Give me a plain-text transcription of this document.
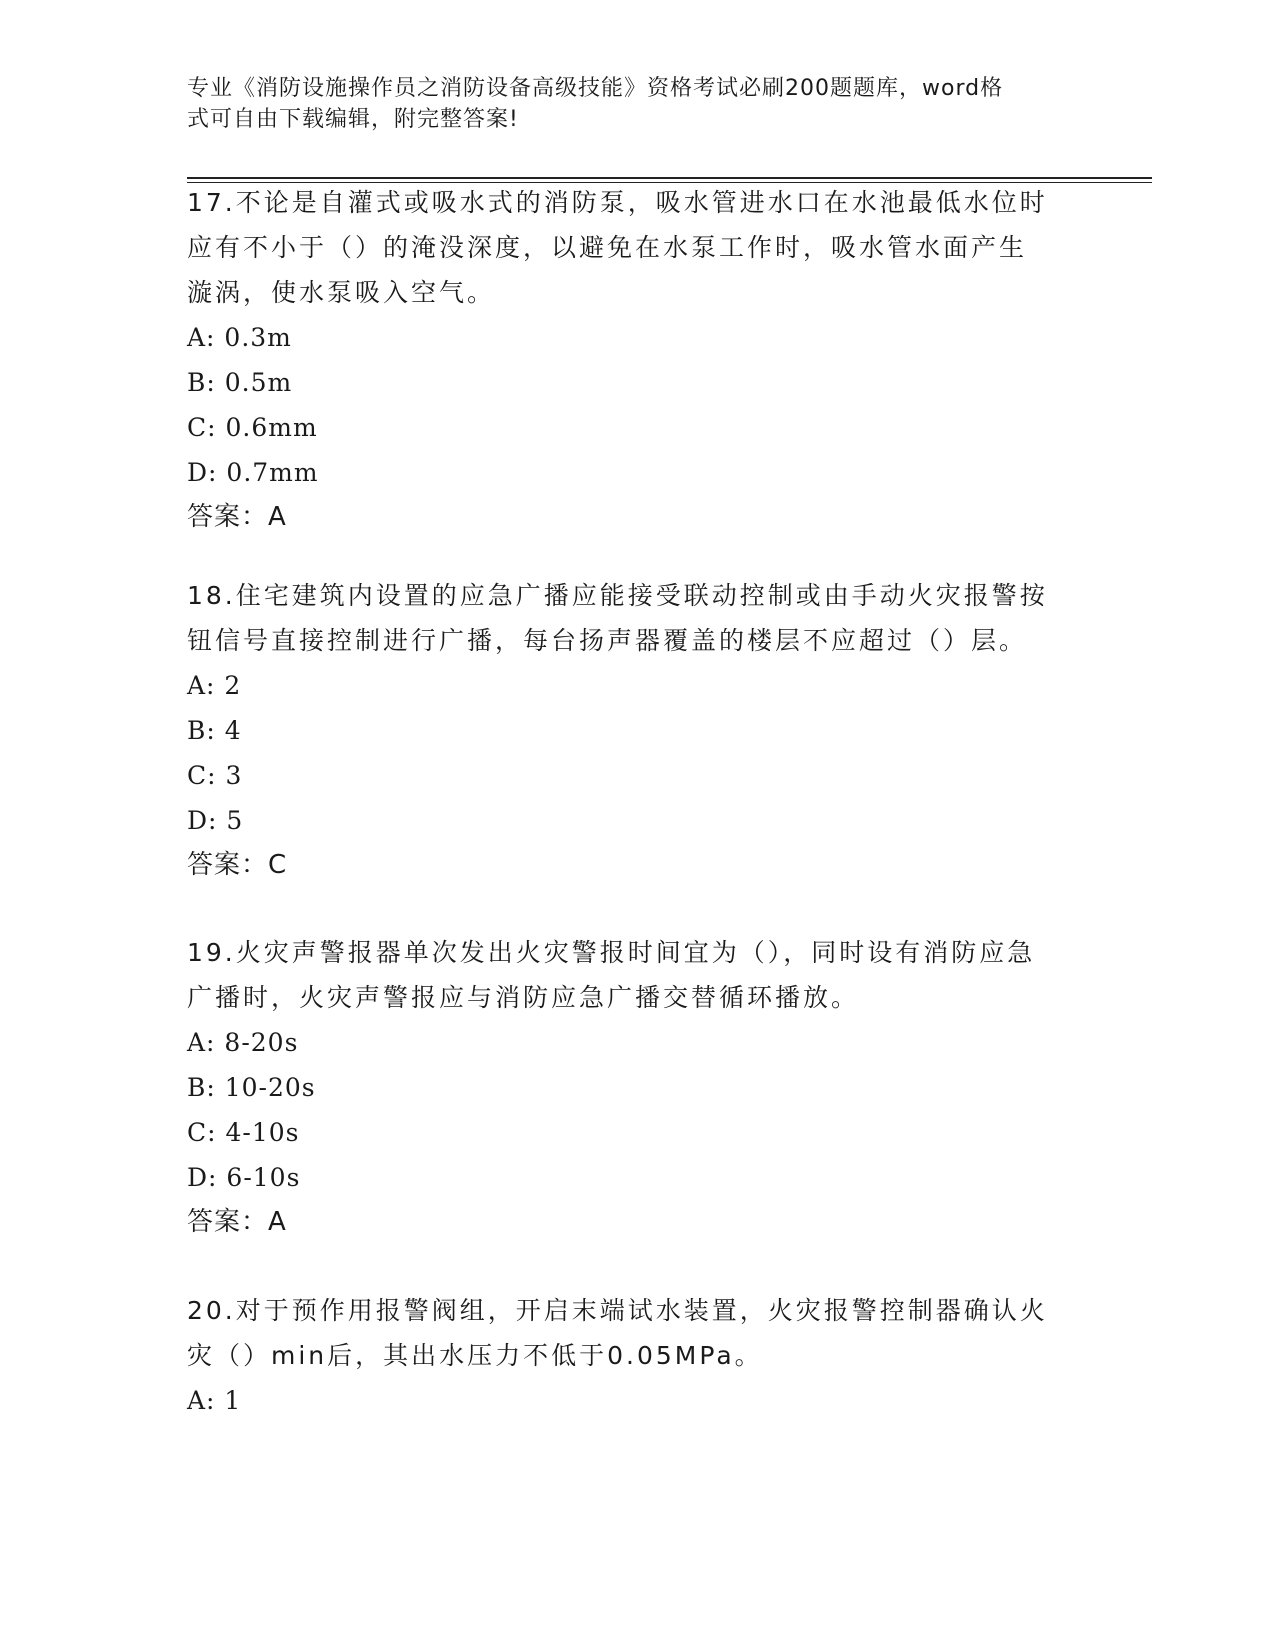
专业《消防设施操作员之消防设备高级技能》资格考试必刷200题题库，word格
式可自由下载编辑，附完整答案!
17.不论是自灌式或吸水式的消防泵，吸水管进水口在水池最低水位时
应有不小于（）的淹没深度，以避免在水泵工作时，吸水管水面产生
漩涡，使水泵吸入空气。
A: 0.3m
B: 0.5m
C: 0.6mm
D: 0.7mm
答案：A
18.住宅建筑内设置的应急广播应能接受联动控制或由手动火灾报警按
钮信号直接控制进行广播，每台扬声器覆盖的楼层不应超过（）层。
A: 2
B: 4
C: 3
D: 5
答案：C
19.火灾声警报器单次发出火灾警报时间宜为（），同时设有消防应急
广播时，火灾声警报应与消防应急广播交替循环播放。
A: 8-20s
B: 10-20s
C: 4-10s
D: 6-10s
答案：A
20.对于预作用报警阀组，开启末端试水装置，火灾报警控制器确认火
灾（）min后，其出水压力不低于0.05MPa。
A: 1
